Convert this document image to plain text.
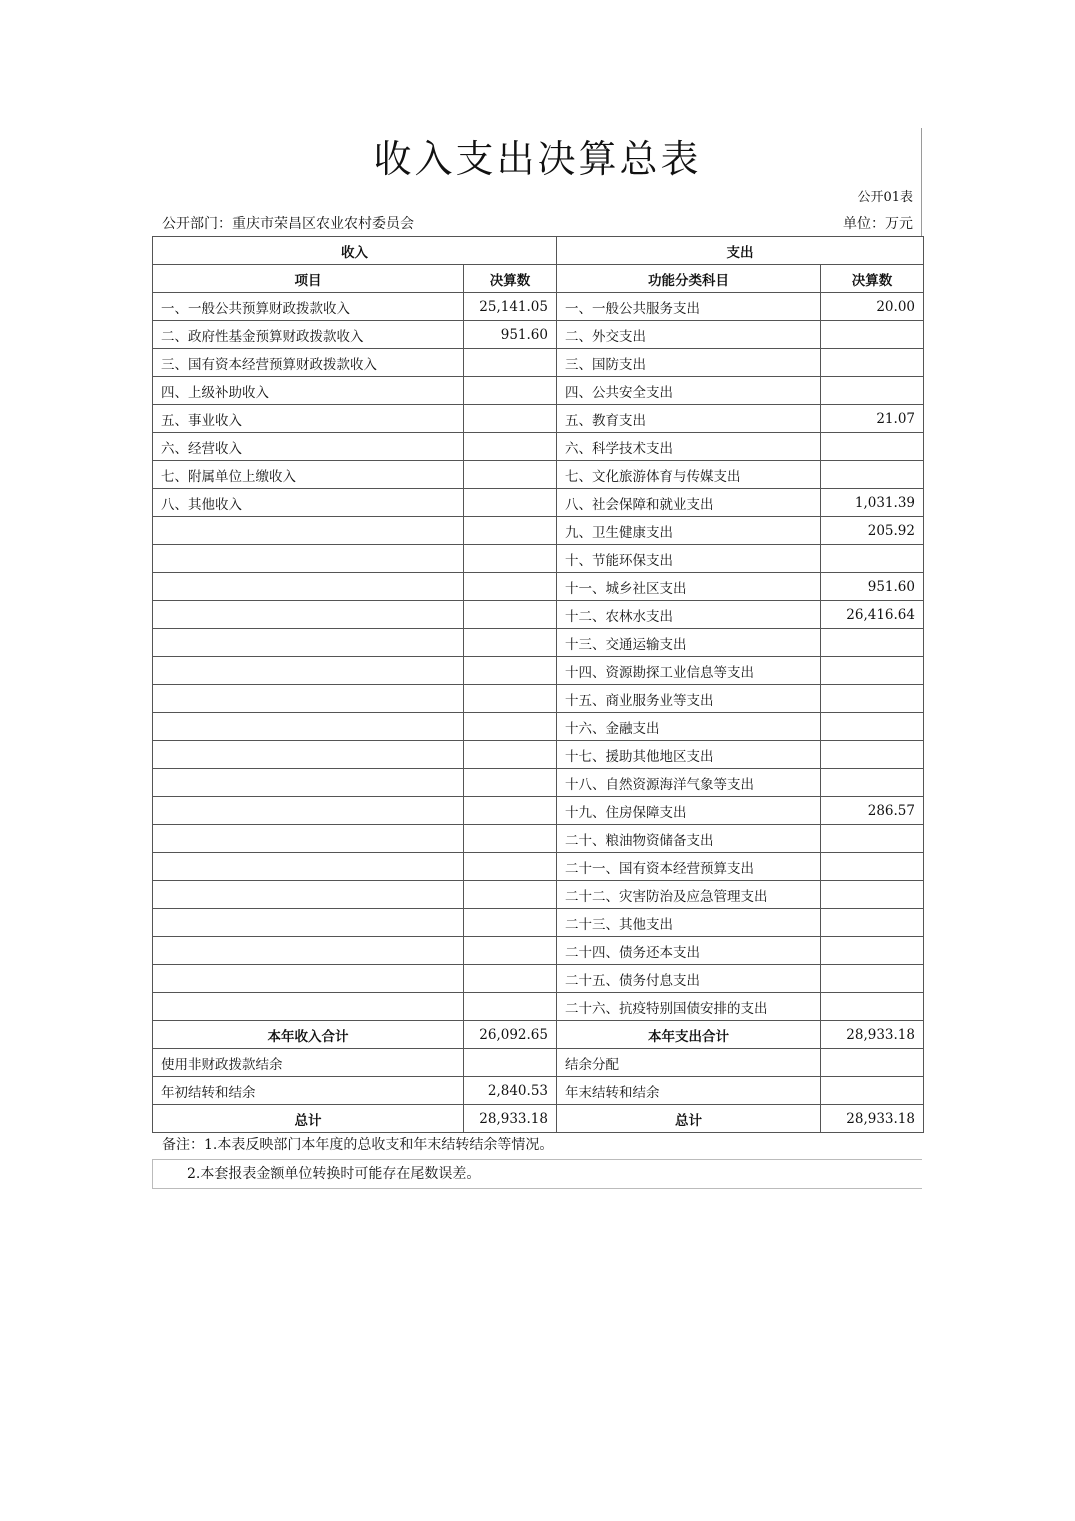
收入支出决算总表
公开01表
公开部门：重庆市荣昌区农业农村委员会	单位：万元
收入		支出	
项目	决算数	功能分类科目	决算数
一、一般公共预算财政拨款收入	25,141.05	一、一般公共服务支出	20.00
二、政府性基金预算财政拨款收入	951.60	二、外交支出	
三、国有资本经营预算财政拨款收入		三、国防支出	
四、上级补助收入		四、公共安全支出	
五、事业收入		五、教育支出	21.07
六、经营收入		六、科学技术支出	
七、附属单位上缴收入		七、文化旅游体育与传媒支出	
八、其他收入		八、社会保障和就业支出	1,031.39
		九、卫生健康支出	205.92
		十、节能环保支出	
		十一、城乡社区支出	951.60
		十二、农林水支出	26,416.64
		十三、交通运输支出	
		十四、资源勘探工业信息等支出	
		十五、商业服务业等支出	
		十六、金融支出	
		十七、援助其他地区支出	
		十八、自然资源海洋气象等支出	
		十九、住房保障支出	286.57
		二十、粮油物资储备支出	
		二十一、国有资本经营预算支出	
		二十二、灾害防治及应急管理支出	
		二十三、其他支出	
		二十四、债务还本支出	
		二十五、债务付息支出	
		二十六、抗疫特别国债安排的支出	
本年收入合计	26,092.65	本年支出合计	28,933.18
使用非财政拨款结余		结余分配	
年初结转和结余	2,840.53	年末结转和结余	
总计	28,933.18	总计	28,933.18
备注：1.本表反映部门本年度的总收支和年末结转结余等情况。
2.本套报表金额单位转换时可能存在尾数误差。
